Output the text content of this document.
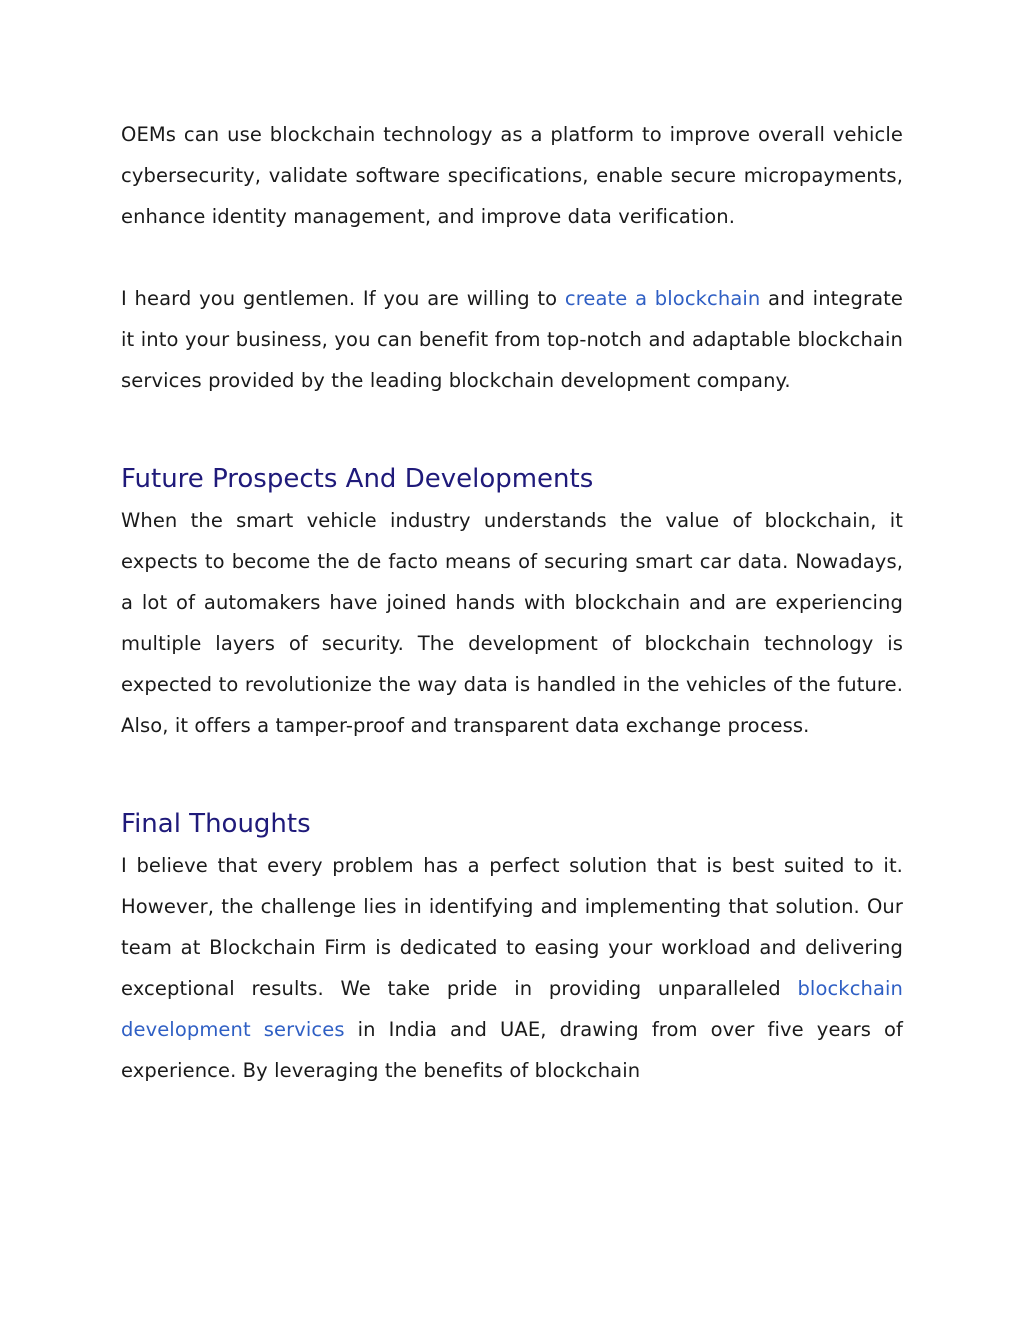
OEMs can use blockchain technology as a platform to improve overall vehicle cybersecurity, validate software specifications, enable secure micropayments, enhance identity management, and improve data verification.

I heard you gentlemen. If you are willing to create a blockchain and integrate it into your business, you can benefit from top-notch and adaptable blockchain services provided by the leading blockchain development company.

Future Prospects And Developments

When the smart vehicle industry understands the value of blockchain, it expects to become the de facto means of securing smart car data. Nowadays, a lot of automakers have joined hands with blockchain and are experiencing multiple layers of security. The development of blockchain technology is expected to revolutionize the way data is handled in the vehicles of the future. Also, it offers a tamper-proof and transparent data exchange process.

Final Thoughts

I believe that every problem has a perfect solution that is best suited to it. However, the challenge lies in identifying and implementing that solution. Our team at Blockchain Firm is dedicated to easing your workload and delivering exceptional results. We take pride in providing unparalleled blockchain development services in India and UAE, drawing from over five years of experience. By leveraging the benefits of blockchain
